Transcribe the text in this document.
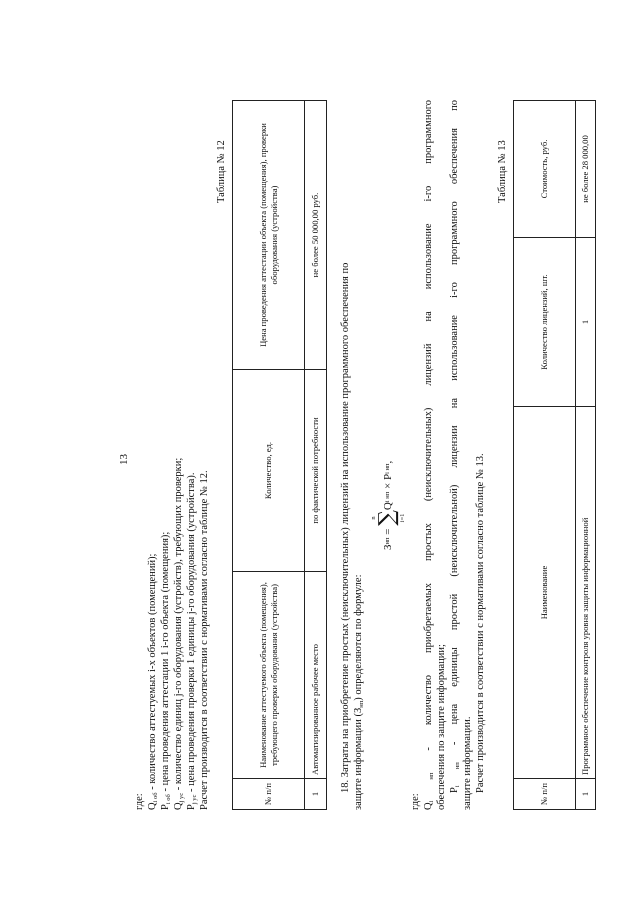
13
где: $Q_{i об}$ - количество аттестуемых i-х объектов (помещений);
$P_{i об}$ - цена проведения аттестации 1 i-го объекта (помещения);
$Q_{j ус}$ - количество единиц j-го оборудования (устройств), требующих проверки;
$P_{j ус}$ - цена проведения проверки 1 единицы j-го оборудования (устройства). Расчет производится в соответствии с нормативами согласно таблице № 12.
Таблица № 12
№ п/п	Наименование аттестуемого объекта (помещения), требующего проверки оборудования (устройства)	Количество, ед.	Цена проведения аттестации объекта (помещения), проверки оборудования (устройства)
1	Автоматизированное рабочее место	по фактической потребности	не более 50 000,00 руб.
18. Затраты на приобретение простых (неисключительных) лицензий на использование программного обеспечения по защите информации $(З_{нп})$ определяются по формуле:
З
нп
=
n
∑ i=1
Q
i нп
×
P
i нп
,
где: $Q_{i нп}$ - количество приобретаемых простых (неисключительных) лицензий на использование i-го программного обеспечения по защите информации; $P_{i нп}$ - цена единицы простой (неисключительной) лицензии на использование i-го программного обеспечения по
защите информации. Расчет производится в соответствии с нормативами согласно таблице № 13.
Таблица № 13
№ п/п	Наименование	Количество лицензий, шт.	Стоимость, руб.
1	Программное обеспечение контроля уровня защиты информационной	1	не более 28 000,00
